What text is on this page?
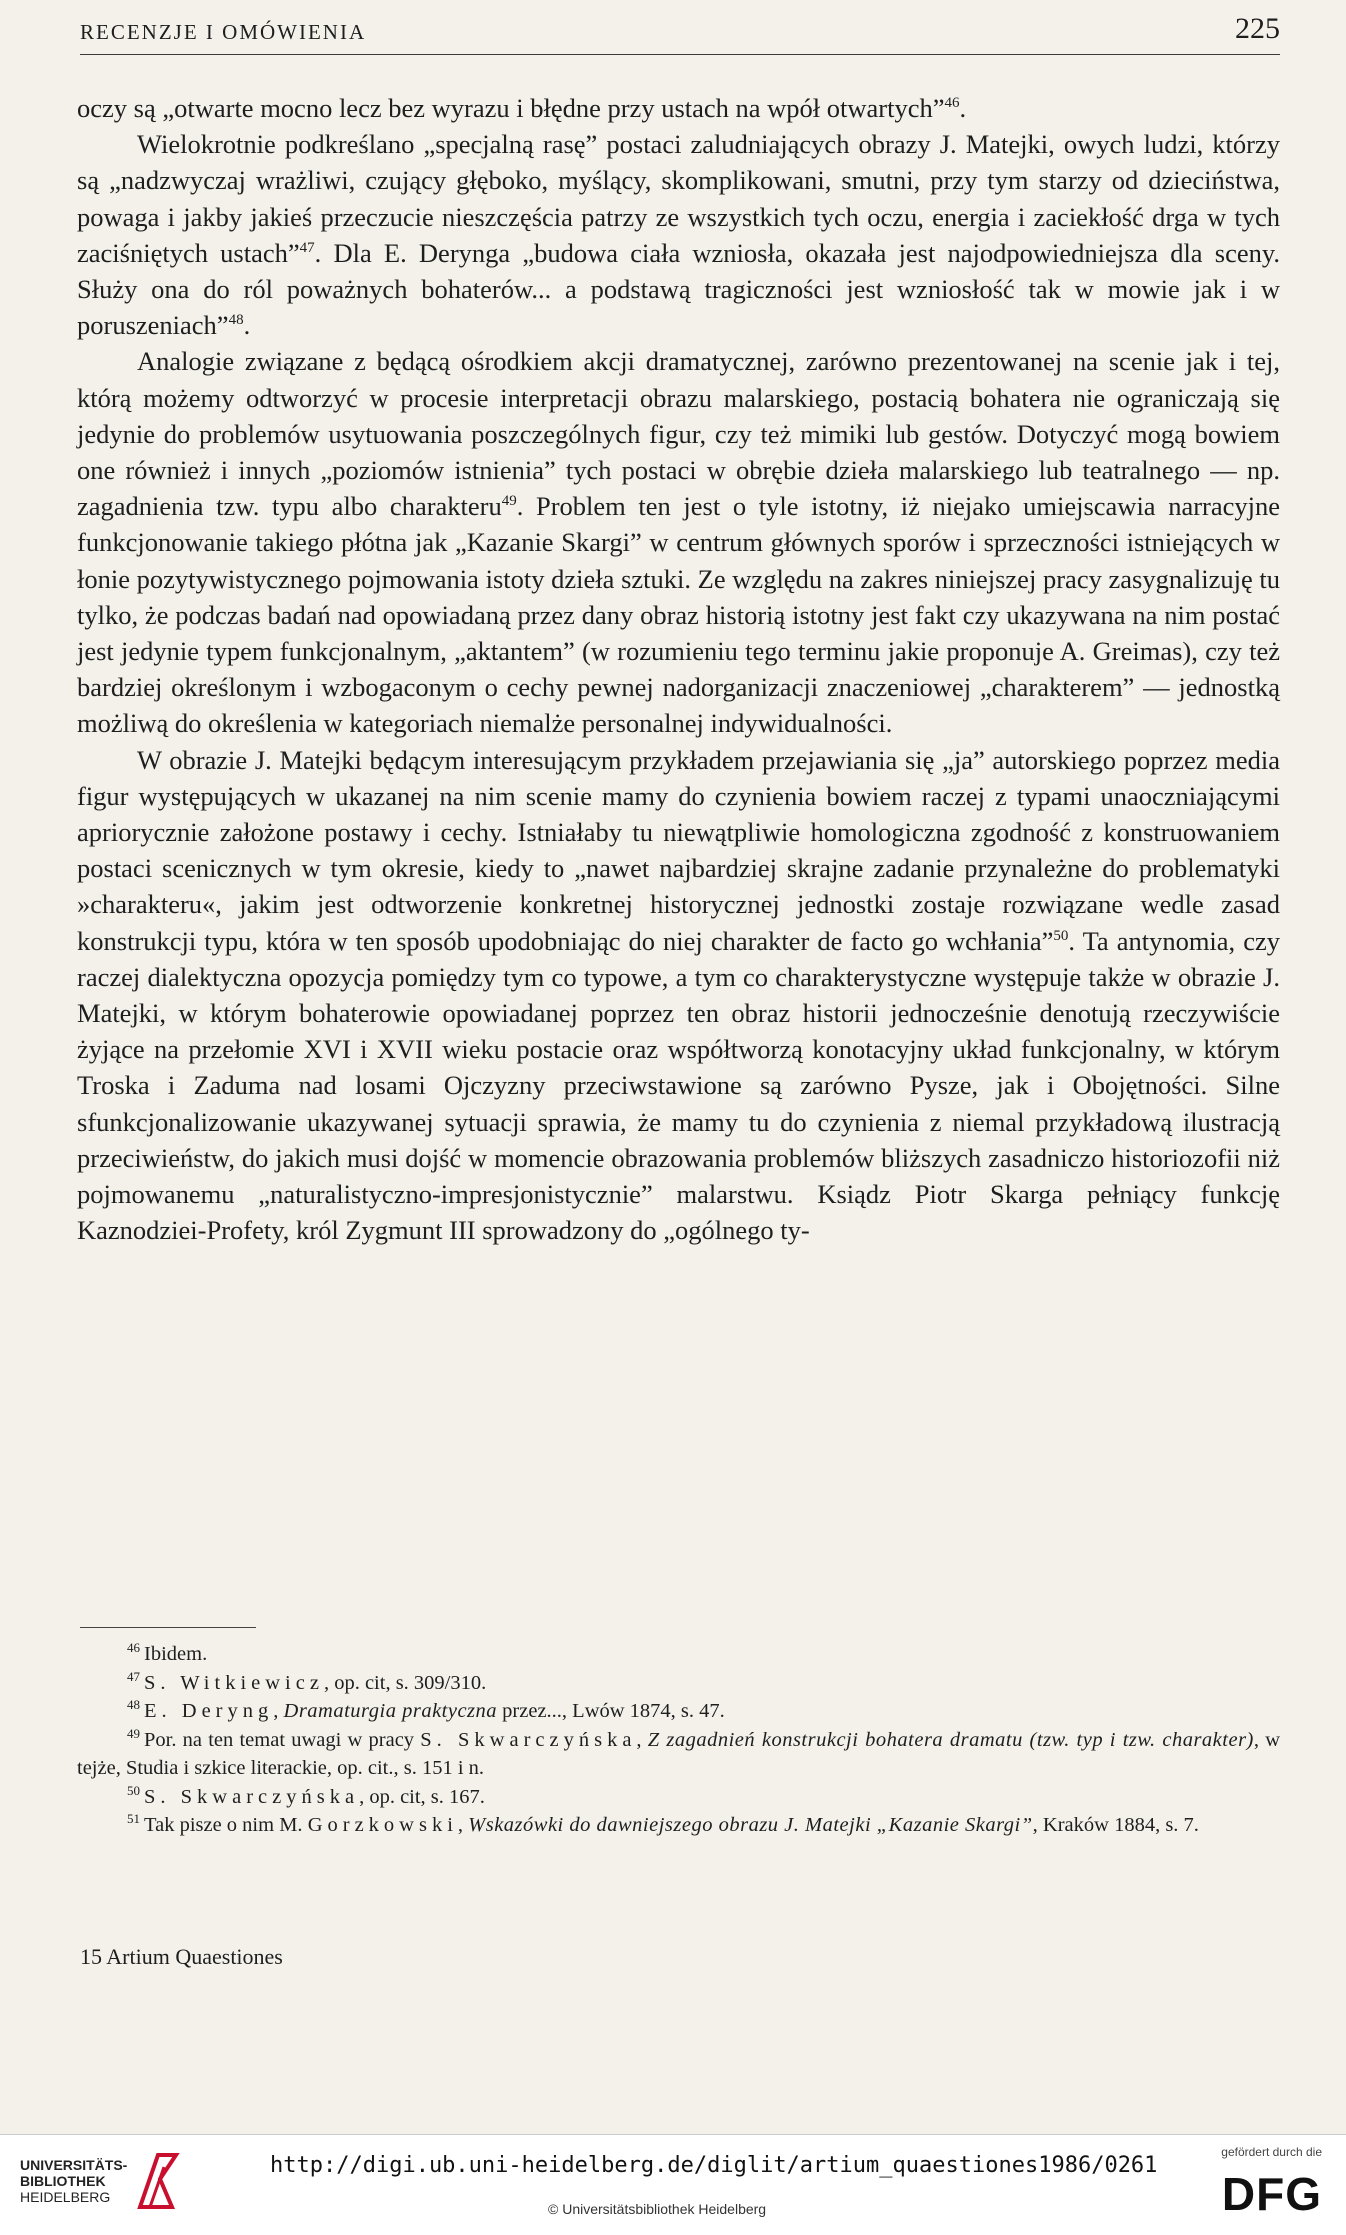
RECENZJE I OMÓWIENIA	225

oczy są „otwarte mocno lecz bez wyrazu i błędne przy ustach na wpół otwartych”$^{46}$.

Wielokrotnie podkreślano „specjalną rasę” postaci zaludniających obrazy J. Matejki, owych ludzi, którzy są „nadzwyczaj wrażliwi, czujący głęboko, myślący, skomplikowani, smutni, przy tym starzy od dzieciństwa, powaga i jakby jakieś przeczucie nieszczęścia patrzy ze wszystkich tych oczu, energia i zaciekłość drga w tych zaciśniętych ustach”$^{47}$. Dla E. Derynga „budowa ciała wzniosła, okazała jest najodpowiedniejsza dla sceny. Służy ona do ról poważnych bohaterów... a podstawą tragiczności jest wzniosłość tak w mowie jak i w poruszeniach”$^{48}$.

Analogie związane z będącą ośrodkiem akcji dramatycznej, zarówno prezentowanej na scenie jak i tej, którą możemy odtworzyć w procesie interpretacji obrazu malarskiego, postacią bohatera nie ograniczają się jedynie do problemów usytuowania poszczególnych figur, czy też mimiki lub gestów. Dotyczyć mogą bowiem one również i innych „poziomów istnienia” tych postaci w obrębie dzieła malarskiego lub teatralnego — np. zagadnienia tzw. typu albo charakteru$^{49}$. Problem ten jest o tyle istotny, iż niejako umiejscawia narracyjne funkcjonowanie takiego płótna jak „Kazanie Skargi” w centrum głównych sporów i sprzeczności istniejących w łonie pozytywistycznego pojmowania istoty dzieła sztuki. Ze względu na zakres niniejszej pracy zasygnalizuję tu tylko, że podczas badań nad opowiadaną przez dany obraz historią istotny jest fakt czy ukazywana na nim postać jest jedynie typem funkcjonalnym, „aktantem” (w rozumieniu tego terminu jakie proponuje A. Greimas), czy też bardziej określonym i wzbogaconym o cechy pewnej nadorganizacji znaczeniowej „charakterem” — jednostką możliwą do określenia w kategoriach niemalże personalnej indywidualności.

W obrazie J. Matejki będącym interesującym przykładem przejawiania się „ja” autorskiego poprzez media figur występujących w ukazanej na nim scenie mamy do czynienia bowiem raczej z typami unaoczniającymi apriorycznie założone postawy i cechy. Istniałaby tu niewątpliwie homologiczna zgodność z konstruowaniem postaci scenicznych w tym okresie, kiedy to „nawet najbardziej skrajne zadanie przynależne do problematyki »charakteru«, jakim jest odtworzenie konkretnej historycznej jednostki zostaje rozwiązane wedle zasad konstrukcji typu, która w ten sposób upodobniając do niej charakter de facto go wchłania”$^{50}$. Ta antynomia, czy raczej dialektyczna opozycja pomiędzy tym co typowe, a tym co charakterystyczne występuje także w obrazie J. Matejki, w którym bohaterowie opowiadanej poprzez ten obraz historii jednocześnie denotują rzeczywiście żyjące na przełomie XVI i XVII wieku postacie oraz współtworzą konotacyjny układ funkcjonalny, w którym Troska i Zaduma nad losami Ojczyzny przeciwstawione są zarówno Pysze, jak i Obojętności. Silne sfunkcjonalizowanie ukazywanej sytuacji sprawia, że mamy tu do czynienia z niemal przykładową ilustracją przeciwieństw, do jakich musi dojść w momencie obrazowania problemów bliższych zasadniczo historiozofii niż pojmowanemu „naturalistyczno-impresjonistycznie” malarstwu. Ksiądz Piotr Skarga pełniący funkcję Kaznodziei-Profety, król Zygmunt III sprowadzony do „ogólnego ty-

$^{46}$ Ibidem.

$^{47}$ S. Witkiewicz, op. cit, s. 309/310.

$^{48}$ E. Deryng, Dramaturgia praktyczna przez..., Lwów 1874, s. 47.

$^{49}$ Por. na ten temat uwagi w pracy S. Skwarczyńska, Z zagadnień konstrukcji bohatera dramatu (tzw. typ i tzw. charakter), w tejże, Studia i szkice literackie, op. cit., s. 151 i n.

$^{50}$ S. Skwarczyńska, op. cit, s. 167.

$^{51}$ Tak pisze o nim M. Gorzkowski, Wskazówki do dawniejszego obrazu J. Matejki „Kazanie Skargi”, Kraków 1884, s. 7.

15 Artium Quaestiones
UNIVERSITÄTS-
BIBLIOTHEK
HEIDELBERG
http://digi.ub.uni-heidelberg.de/diglit/artium_quaestiones1986/0261
© Universitätsbibliothek Heidelberg
gefördert durch die
DFG
